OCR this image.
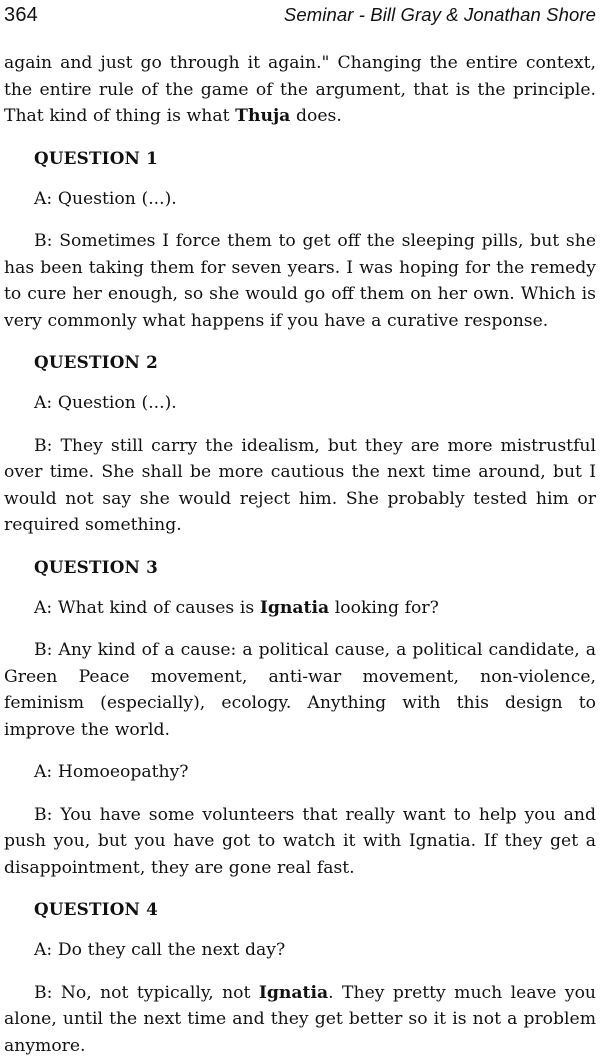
364	Seminar - Bill Gray & Jonathan Shore

again and just go through it again." Changing the entire context, the entire rule of the game of the argument, that is the principle. That kind of thing is what Thuja does.

QUESTION 1

A: Question (...).

B: Sometimes I force them to get off the sleeping pills, but she has been taking them for seven years. I was hoping for the remedy to cure her enough, so she would go off them on her own. Which is very commonly what happens if you have a curative response.

QUESTION 2

A: Question (...).

B: They still carry the idealism, but they are more mistrustful over time. She shall be more cautious the next time around, but I would not say she would reject him. She probably tested him or required something.

QUESTION 3

A: What kind of causes is Ignatia looking for?

B: Any kind of a cause: a political cause, a political candidate, a Green Peace movement, anti-war movement, non-violence, feminism (especially), ecology. Anything with this design to improve the world.

A: Homoeopathy?

B: You have some volunteers that really want to help you and push you, but you have got to watch it with Ignatia. If they get a disappointment, they are gone real fast.

QUESTION 4

A: Do they call the next day?

B: No, not typically, not Ignatia. They pretty much leave you alone, until the next time and they get better so it is not a problem anymore.
